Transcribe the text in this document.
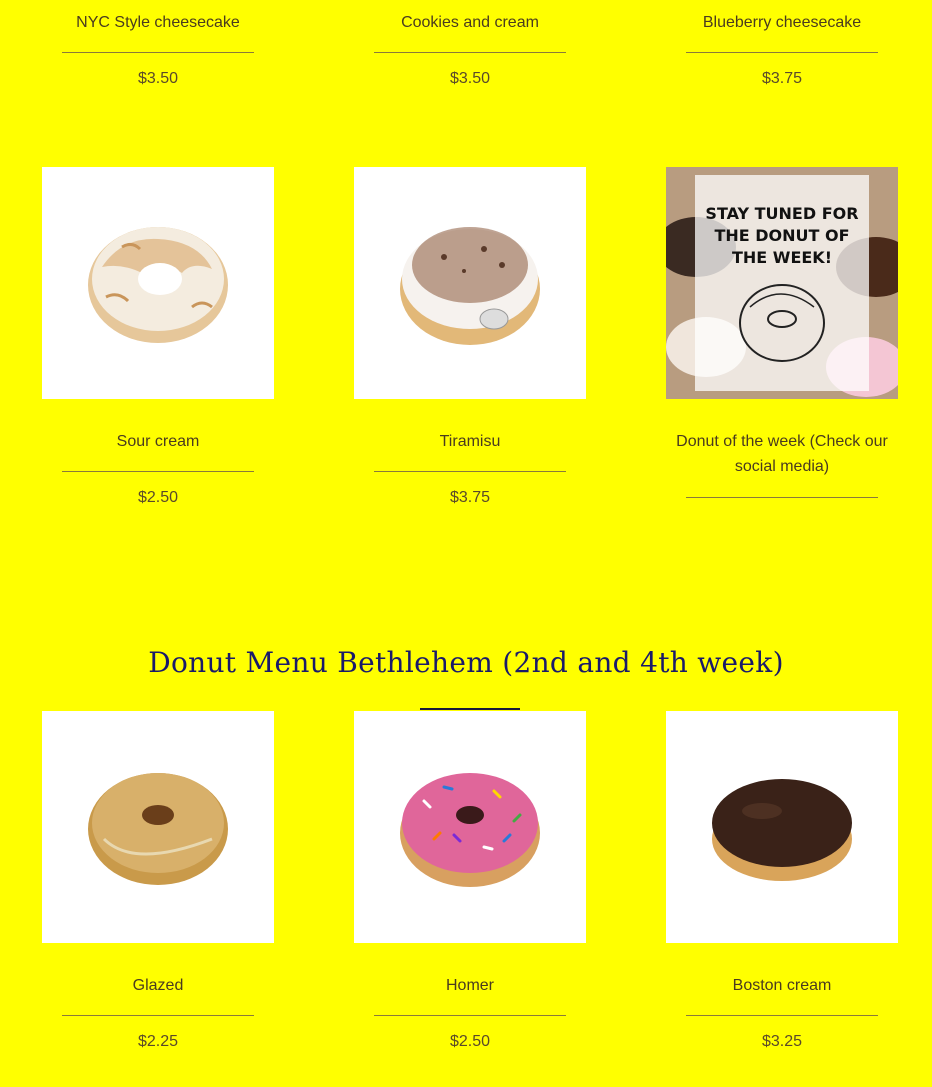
NYC Style cheesecake
$3.50
Cookies and cream
$3.50
Blueberry cheesecake
$3.75
Sour cream
$2.50
Tiramisu
$3.75
STAY TUNED FOR
THE DONUT OF
THE WEEK!
Donut of the week (Check our social media)
Donut Menu Bethlehem (2nd and 4th week)
Glazed
$2.25
Homer
$2.50
Boston cream
$3.25
